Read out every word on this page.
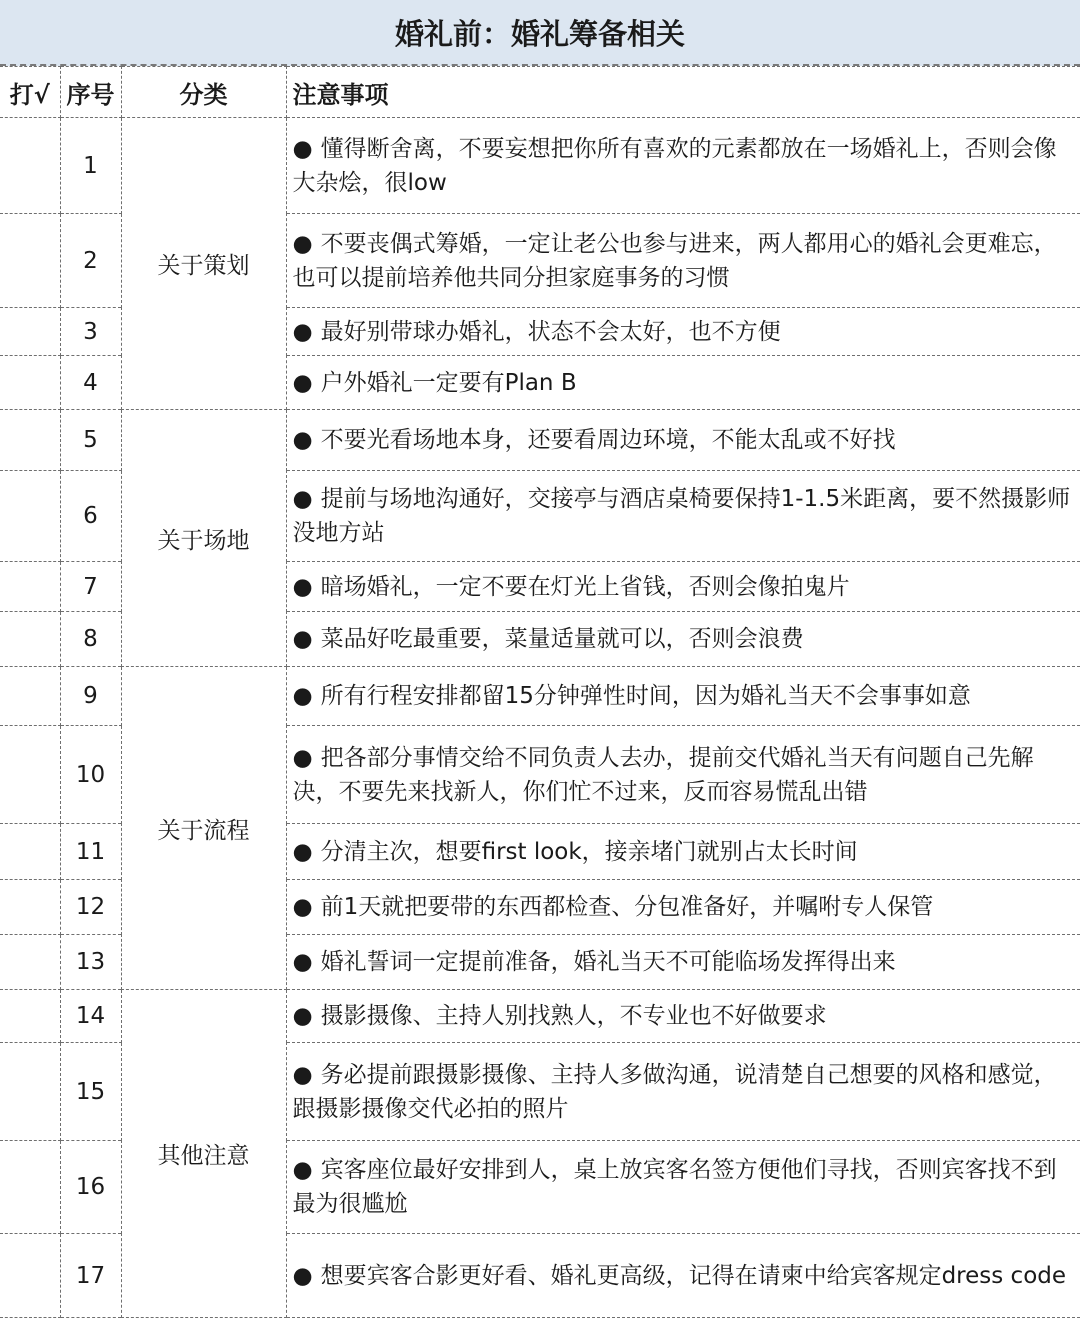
婚礼前：婚礼筹备相关
打√	序号	分类	注意事项
	1	关于策划	● 懂得断舍离，不要妄想把你所有喜欢的元素都放在一场婚礼上，否则会像大杂烩，很low
	2		● 不要丧偶式筹婚，一定让老公也参与进来，两人都用心的婚礼会更难忘，也可以提前培养他共同分担家庭事务的习惯
	3		● 最好别带球办婚礼，状态不会太好，也不方便
	4		● 户外婚礼一定要有Plan B
	5	关于场地	● 不要光看场地本身，还要看周边环境，不能太乱或不好找
	6		● 提前与场地沟通好，交接亭与酒店桌椅要保持1-1.5米距离，要不然摄影师没地方站
	7		● 暗场婚礼，一定不要在灯光上省钱，否则会像拍鬼片
	8		● 菜品好吃最重要，菜量适量就可以，否则会浪费
	9	关于流程	● 所有行程安排都留15分钟弹性时间，因为婚礼当天不会事事如意
	10		● 把各部分事情交给不同负责人去办，提前交代婚礼当天有问题自己先解决，不要先来找新人，你们忙不过来，反而容易慌乱出错
	11		● 分清主次，想要first look，接亲堵门就别占太长时间
	12		● 前1天就把要带的东西都检查、分包准备好，并嘱咐专人保管
	13		● 婚礼誓词一定提前准备，婚礼当天不可能临场发挥得出来
	14	其他注意	● 摄影摄像、主持人别找熟人，不专业也不好做要求
	15		● 务必提前跟摄影摄像、主持人多做沟通，说清楚自己想要的风格和感觉，跟摄影摄像交代必拍的照片
	16		● 宾客座位最好安排到人，桌上放宾客名签方便他们寻找，否则宾客找不到最为很尴尬
	17		● 想要宾客合影更好看、婚礼更高级，记得在请柬中给宾客规定dress code
